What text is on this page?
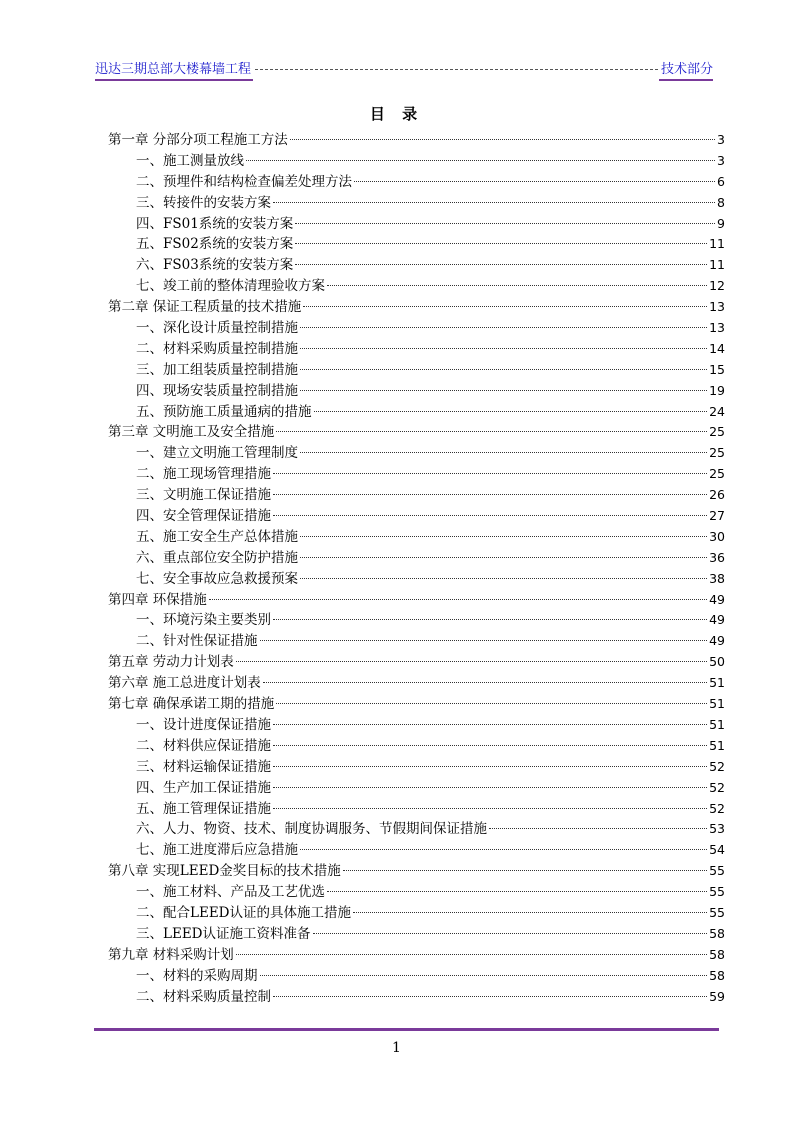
迅达三期总部大楼幕墙工程	技术部分
目 录
第一章 分部分项工程施工方法	3
一、施工测量放线	3
二、预埋件和结构检查偏差处理方法	6
三、转接件的安装方案	8
四、FS01系统的安装方案	9
五、FS02系统的安装方案	11
六、FS03系统的安装方案	11
七、竣工前的整体清理验收方案	12
第二章 保证工程质量的技术措施	13
一、深化设计质量控制措施	13
二、材料采购质量控制措施	14
三、加工组装质量控制措施	15
四、现场安装质量控制措施	19
五、预防施工质量通病的措施	24
第三章 文明施工及安全措施	25
一、建立文明施工管理制度	25
二、施工现场管理措施	25
三、文明施工保证措施	26
四、安全管理保证措施	27
五、施工安全生产总体措施	30
六、重点部位安全防护措施	36
七、安全事故应急救援预案	38
第四章 环保措施	49
一、环境污染主要类别	49
二、针对性保证措施	49
第五章 劳动力计划表	50
第六章 施工总进度计划表	51
第七章 确保承诺工期的措施	51
一、设计进度保证措施	51
二、材料供应保证措施	51
三、材料运输保证措施	52
四、生产加工保证措施	52
五、施工管理保证措施	52
六、人力、物资、技术、制度协调服务、节假期间保证措施	53
七、施工进度滞后应急措施	54
第八章 实现LEED金奖目标的技术措施	55
一、施工材料、产品及工艺优选	55
二、配合LEED认证的具体施工措施	55
三、LEED认证施工资料准备	58
第九章 材料采购计划	58
一、材料的采购周期	58
二、材料采购质量控制	59
1
